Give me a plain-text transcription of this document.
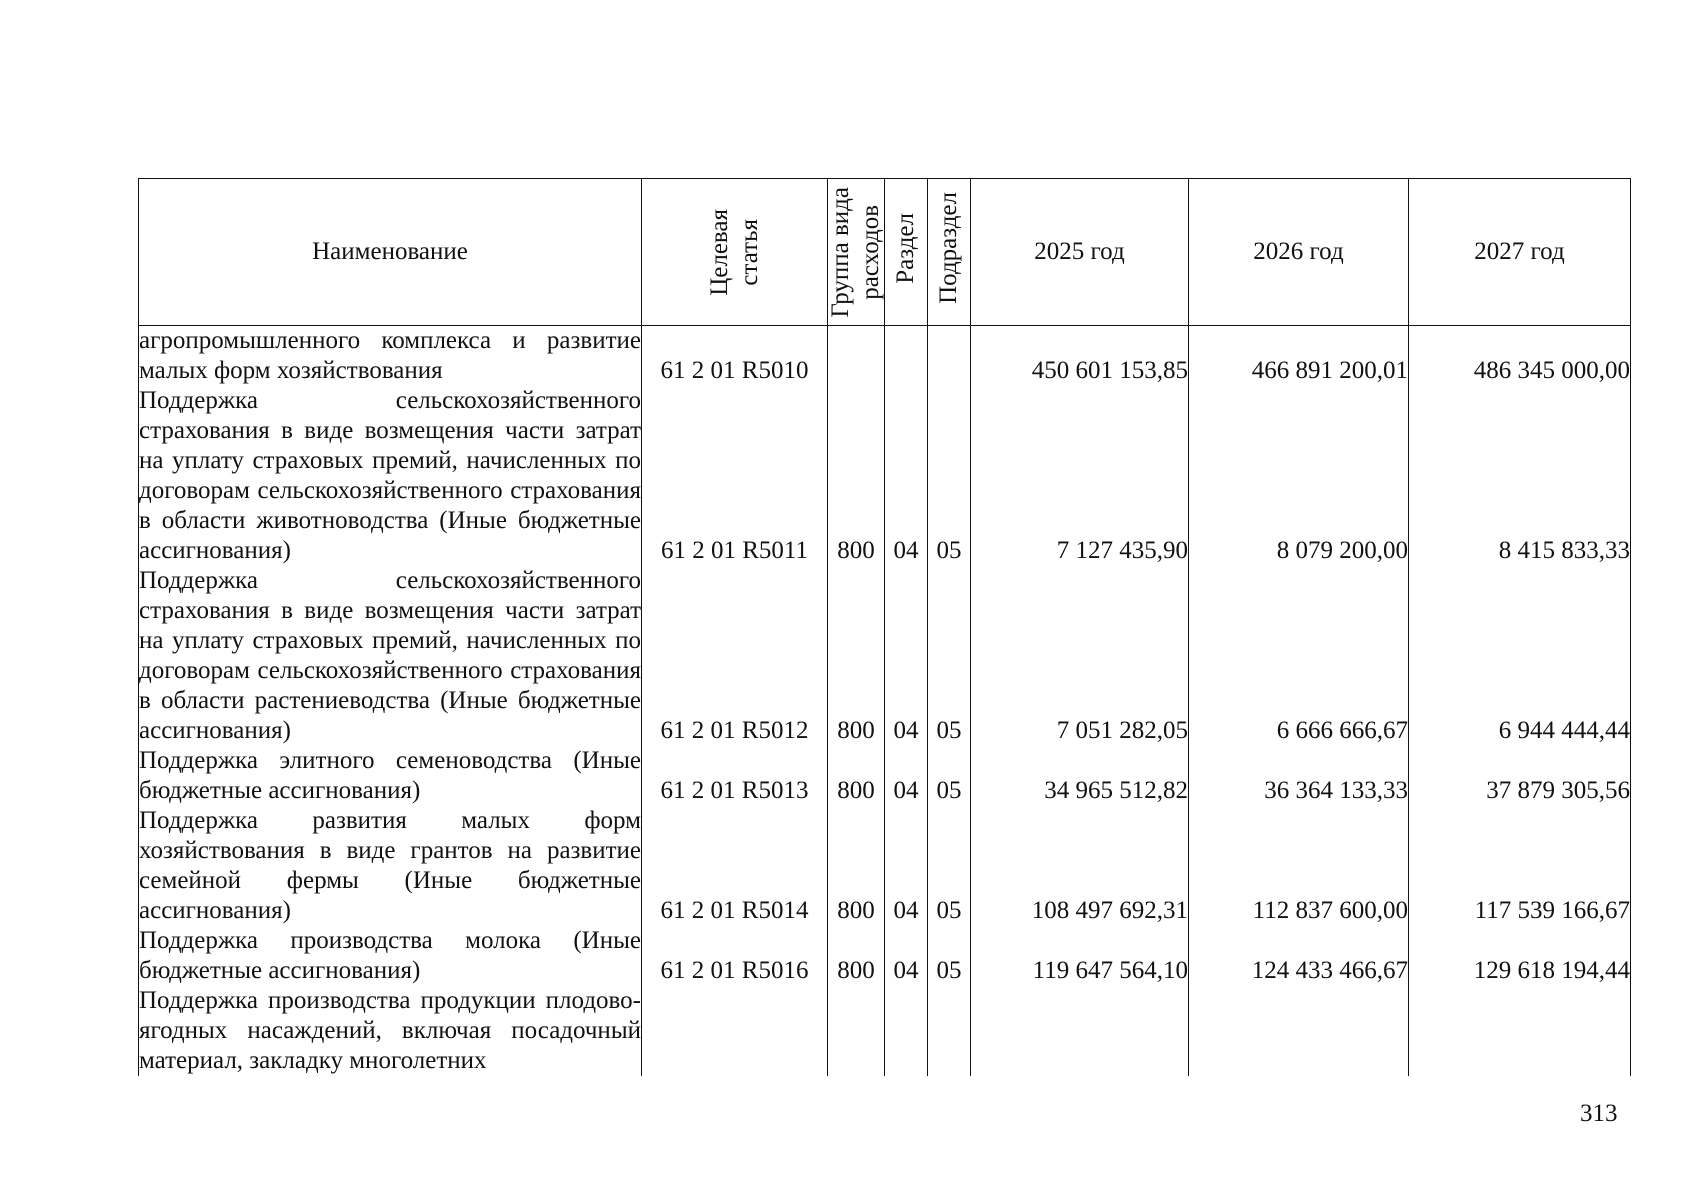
Наименование	Целевая статья	Группа вида расходов	Раздел	Подраздел	2025 год	2026 год	2027 год
агропромышленного комплекса и развитие малых форм хозяйствования	61 2 01 R5010				450 601 153,85	466 891 200,01	486 345 000,00
Поддержка сельскохозяйственного страхования в виде возмещения части затрат на уплату страховых премий, начисленных по договорам сельскохозяйственного страхования в области животноводства (Иные бюджетные ассигнования)	61 2 01 R5011	800	04	05	7 127 435,90	8 079 200,00	8 415 833,33
Поддержка сельскохозяйственного страхования в виде возмещения части затрат на уплату страховых премий, начисленных по договорам сельскохозяйственного страхования в области растениеводства (Иные бюджетные ассигнования)	61 2 01 R5012	800	04	05	7 051 282,05	6 666 666,67	6 944 444,44
Поддержка элитного семеноводства (Иные бюджетные ассигнования)	61 2 01 R5013	800	04	05	34 965 512,82	36 364 133,33	37 879 305,56
Поддержка развития малых форм хозяйствования в виде грантов на развитие семейной фермы (Иные бюджетные ассигнования)	61 2 01 R5014	800	04	05	108 497 692,31	112 837 600,00	117 539 166,67
Поддержка производства молока (Иные бюджетные ассигнования)	61 2 01 R5016	800	04	05	119 647 564,10	124 433 466,67	129 618 194,44
Поддержка производства продукции плодово-ягодных насаждений, включая посадочный материал, закладку многолетних							
313
